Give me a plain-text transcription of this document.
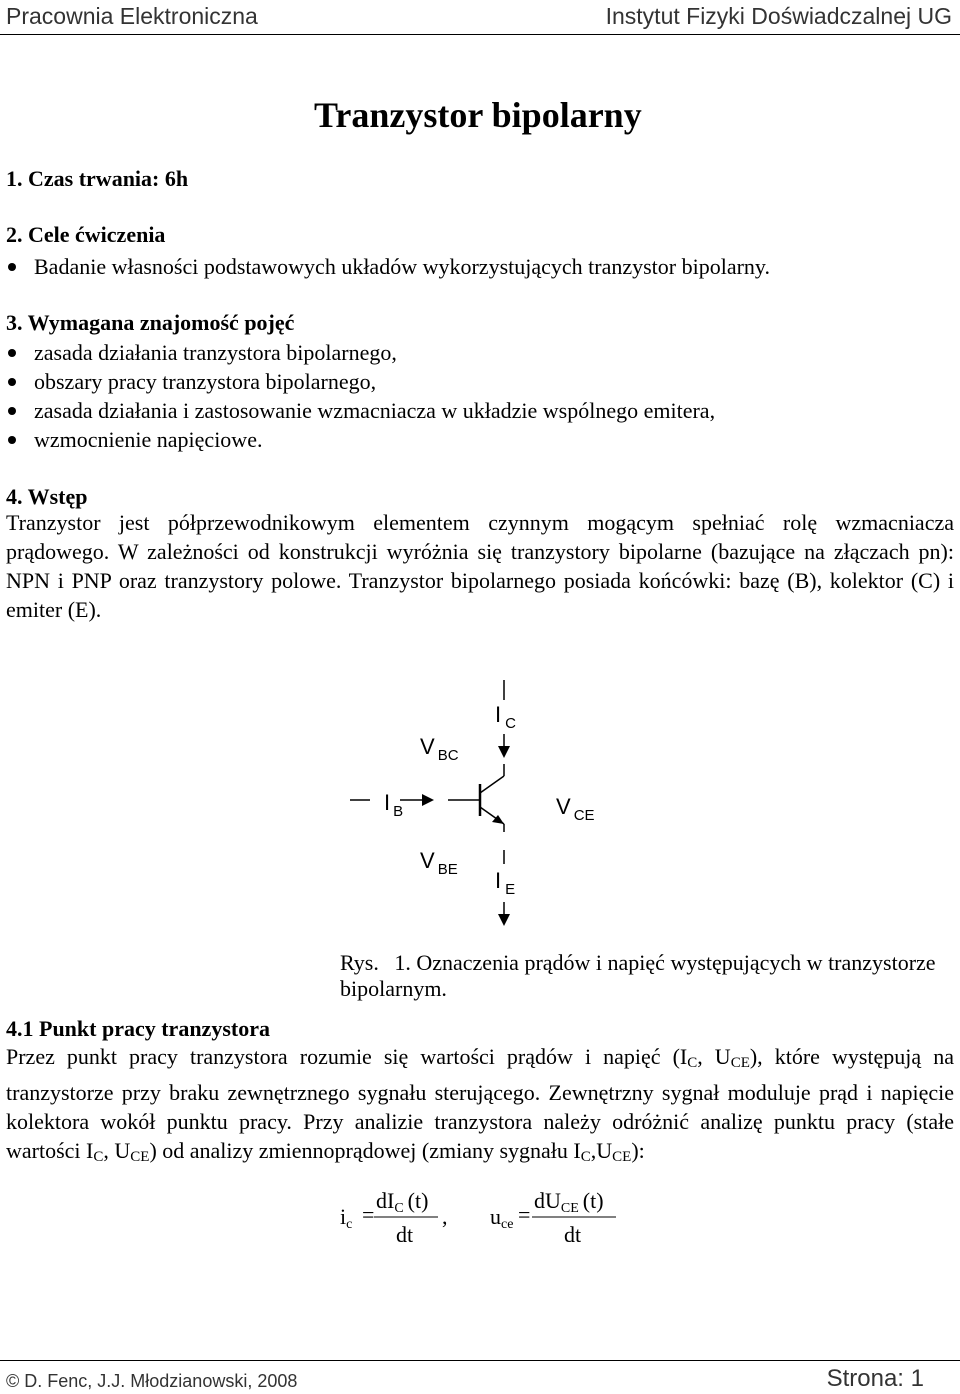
Pracownia Elektroniczna	Instytut Fizyki Doświadczalnej UG
Tranzystor bipolarny
1. Czas trwania: 6h
2. Cele ćwiczenia
Badanie własności podstawowych układów wykorzystujących tranzystor bipolarny.
3. Wymagana znajomość pojęć
zasada działania tranzystora bipolarnego,
obszary pracy tranzystora bipolarnego,
zasada działania i zastosowanie wzmacniacza w układzie wspólnego emitera,
wzmocnienie napięciowe.
4. Wstęp

Tranzystor jest półprzewodnikowym elementem czynnym mogącym spełniać rolę wzmacniacza prądowego. W zależności od konstrukcji wyróżnia się tranzystory bipolarne (bazujące na złączach pn): NPN i PNP oraz tranzystory polowe. Tranzystor bipolarnego posiada końcówki: bazę (B), kolektor (C) i emiter (E).

I $_C$
V $_{BC}$
I $_B$	V $_{CE}$
V $_{BE}$ I $_E$
Rys. 1. Oznaczenia prądów i napięć występujących w tranzystorze bipolarnym.
4.1 Punkt pracy tranzystora

Przez punkt pracy tranzystora rozumie się wartości prądów i napięć ($I_C$, $U_{CE}$), które występują na tranzystorze przy braku zewnętrznego sygnału sterującego. Zewnętrzny sygnał moduluje prąd i napięcie kolektora wokół punktu pracy. Przy analizie tranzystora należy odróżnić analizę punktu pracy (stałe wartości $I_C$, $U_{CE}$) od analizy zmiennoprądowej (zmiany sygnału $I_C,U_{CE}$):

ic =
dIC (t)
dt
, uce =
dUCE (t)
dt
© D. Fenc, J.J. Młodzianowski, 2008	Strona: 1
